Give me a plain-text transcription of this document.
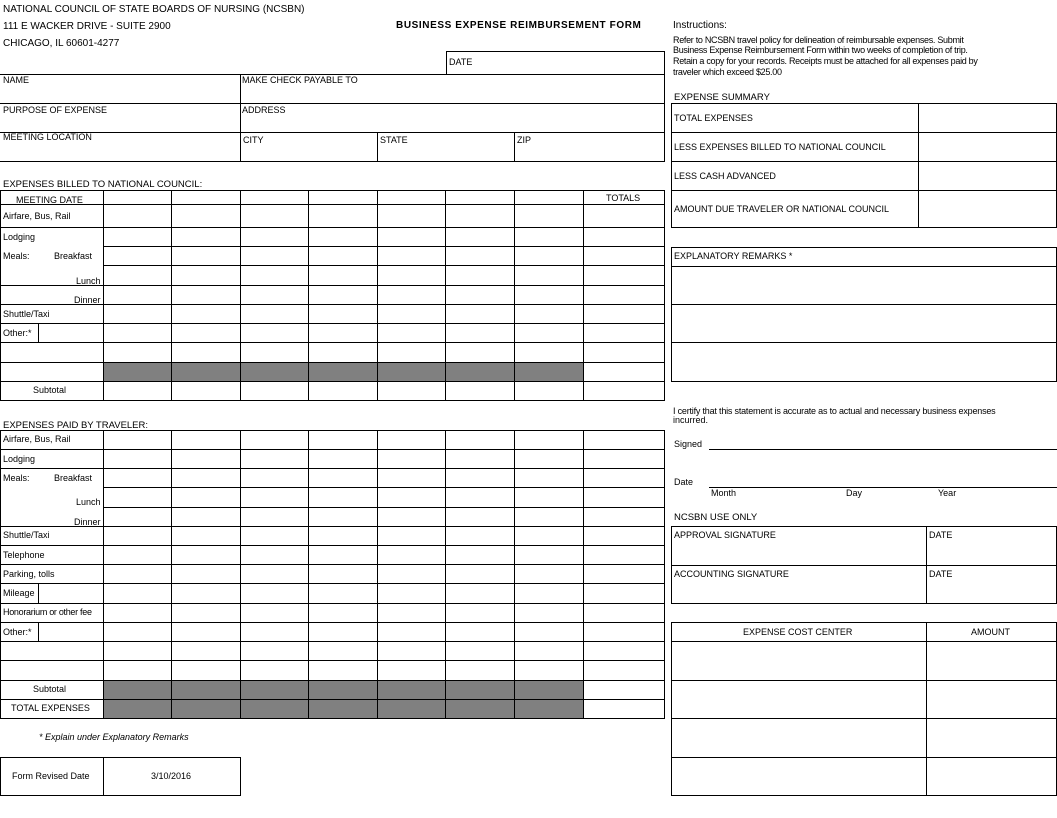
NATIONAL COUNCIL OF STATE BOARDS OF NURSING (NCSBN)
111 E WACKER DRIVE - SUITE 2900
CHICAGO, IL 60601-4277
BUSINESS EXPENSE REIMBURSEMENT FORM	Instructions:
Refer to NCSBN travel policy for delineation of reimbursable expenses. Submit
Business Expense Reimbursement Form within two weeks of completion of trip.
Retain a copy for your records. Receipts must be attached for all expenses paid by
traveler which exceed $25.00
DATE
NAME	MAKE CHECK PAYABLE TO
PURPOSE OF EXPENSE	ADDRESS
MEETING LOCATION	CITY	STATE	ZIP
EXPENSES BILLED TO NATIONAL COUNCIL:
MEETING DATE	TOTALS
Airfare, Bus, Rail
Lodging
Meals:	Breakfast
Lunch
Dinner
Shuttle/Taxi
Other:*
Subtotal
EXPENSES PAID BY TRAVELER:
Airfare, Bus, Rail
Lodging
Meals:	Breakfast
Lunch
Dinner
Shuttle/Taxi
Telephone
Parking, tolls
Mileage
Honorarium or other fee
Other:*
Subtotal
TOTAL EXPENSES
* Explain under Explanatory Remarks
Form Revised Date	3/10/2016
EXPENSE SUMMARY
TOTAL EXPENSES
LESS EXPENSES BILLED TO NATIONAL COUNCIL
LESS CASH ADVANCED
AMOUNT DUE TRAVELER OR NATIONAL COUNCIL
EXPLANATORY REMARKS *
I certify that this statement is accurate as to actual and necessary business expenses
incurred.
Signed
Date
Month	Day	Year
NCSBN USE ONLY
APPROVAL SIGNATURE	DATE
ACCOUNTING SIGNATURE	DATE
EXPENSE COST CENTER	AMOUNT
